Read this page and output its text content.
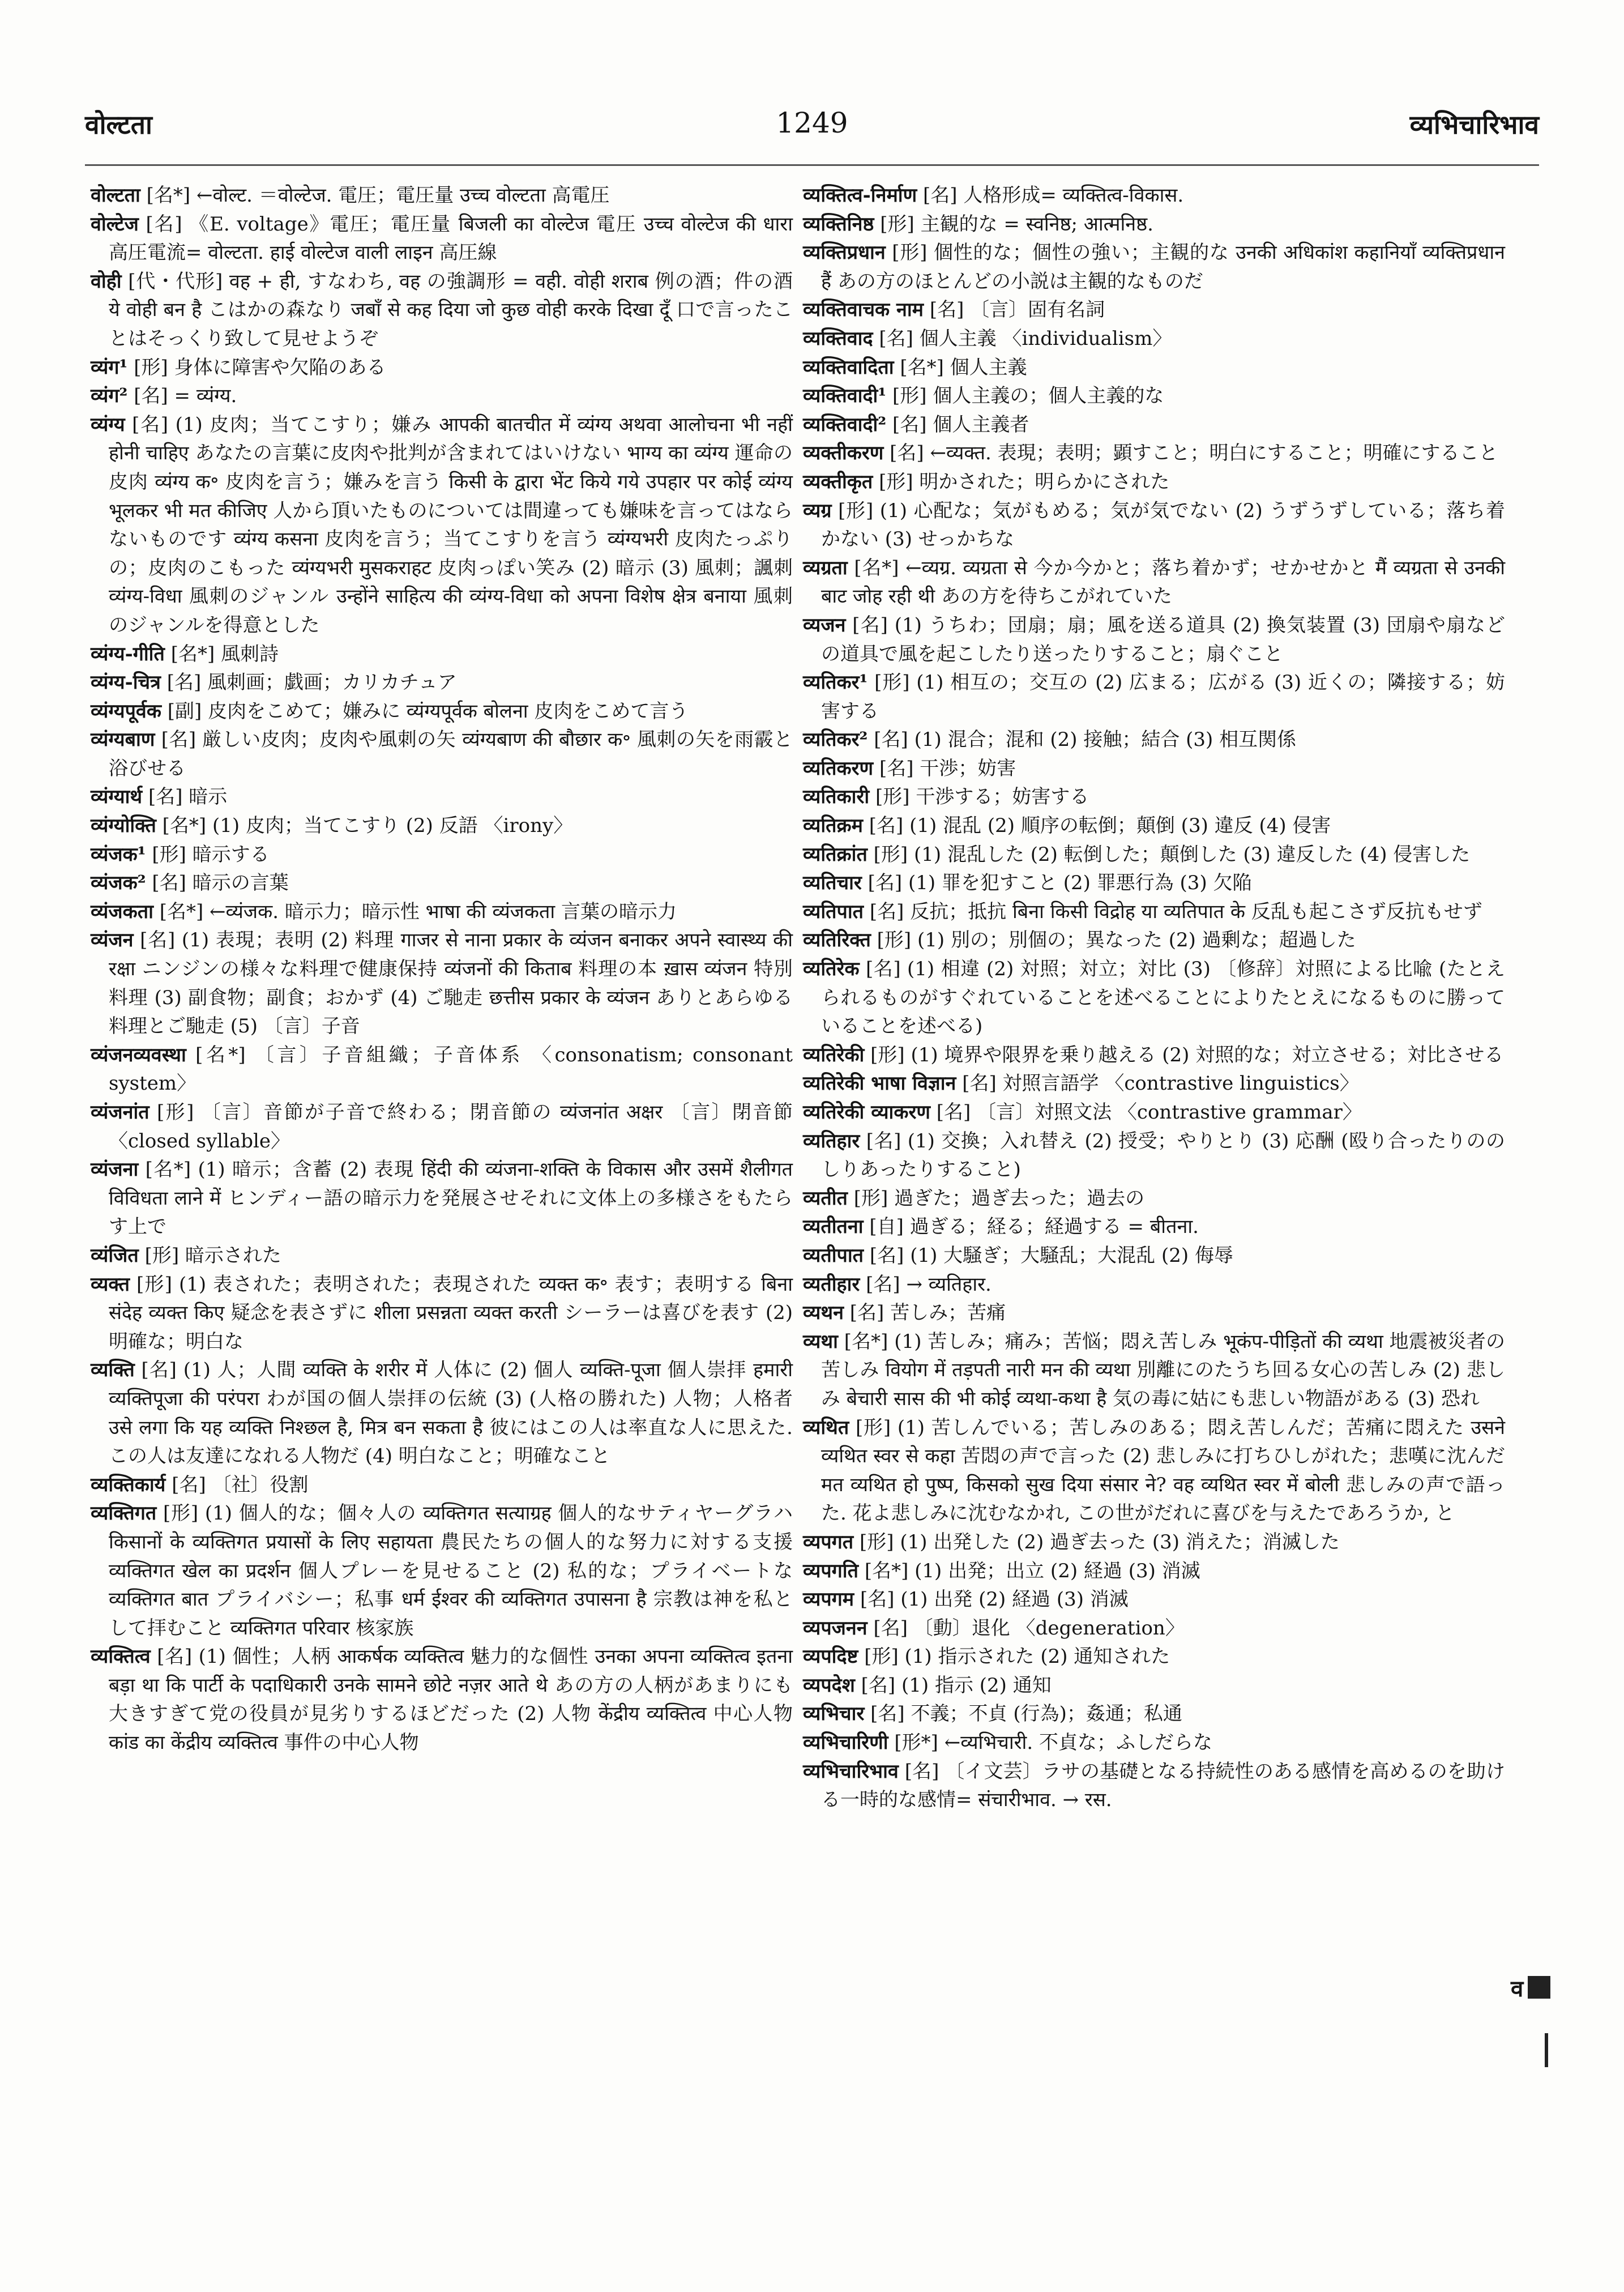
वोल्टता	1249	व्यभिचारिभाव

वोल्टता [名*] ←वोल्ट. ＝वोल्टेज. 電圧；電圧量 उच्च वोल्टता 高電圧

वोल्टेज [名] 《E. voltage》電圧；電圧量 बिजली का वोल्टेज 電圧 उच्च वोल्टेज की धारा 高圧電流= वोल्टता. हाई वोल्टेज वाली लाइन 高圧線

वोही [代・代形] वह + ही, すなわち, वह の強調形 = वही. वोही शराब 例の酒；件の酒 ये वोही बन है こはかの森なり जबाँ से कह दिया जो कुछ वोही करके दिखा दूँ 口で言ったことはそっくり致して見せようぞ

व्यंग¹ [形] 身体に障害や欠陥のある

व्यंग² [名] = व्यंग्य.

व्यंग्य [名] (1) 皮肉；当てこすり；嫌み आपकी बातचीत में व्यंग्य अथवा आलोचना भी नहीं होनी चाहिए あなたの言葉に皮肉や批判が含まれてはいけない भाग्य का व्यंग्य 運命の皮肉 व्यंग्य क॰ 皮肉を言う；嫌みを言う किसी के द्वारा भेंट किये गये उपहार पर कोई व्यंग्य भूलकर भी मत कीजिए 人から頂いたものについては間違っても嫌味を言ってはならないものです व्यंग्य कसना 皮肉を言う；当てこすりを言う व्यंग्यभरी 皮肉たっぷりの；皮肉のこもった व्यंग्यभरी मुसकराहट 皮肉っぽい笑み (2) 暗示 (3) 風刺；諷刺 व्यंग्य-विधा 風刺のジャンル उन्होंने साहित्य की व्यंग्य-विधा को अपना विशेष क्षेत्र बनाया 風刺のジャンルを得意とした

व्यंग्य-गीति [名*] 風刺詩

व्यंग्य-चित्र [名] 風刺画；戯画；カリカチュア

व्यंग्यपूर्वक [副] 皮肉をこめて；嫌みに व्यंग्यपूर्वक बोलना 皮肉をこめて言う

व्यंग्यबाण [名] 厳しい皮肉；皮肉や風刺の矢 व्यंग्यबाण की बौछार क॰ 風刺の矢を雨霰と浴びせる

व्यंग्यार्थ [名] 暗示

व्यंग्योक्ति [名*] (1) 皮肉；当てこすり (2) 反語 〈irony〉

व्यंजक¹ [形] 暗示する

व्यंजक² [名] 暗示の言葉

व्यंजकता [名*] ←व्यंजक. 暗示力；暗示性 भाषा की व्यंजकता 言葉の暗示力

व्यंजन [名] (1) 表現；表明 (2) 料理 गाजर से नाना प्रकार के व्यंजन बनाकर अपने स्वास्थ्य की रक्षा ニンジンの様々な料理で健康保持 व्यंजनों की किताब 料理の本 ख़ास व्यंजन 特別料理 (3) 副食物；副食；おかず (4) ご馳走 छत्तीस प्रकार के व्यंजन ありとあらゆる料理とご馳走 (5) 〔言〕子音

व्यंजनव्यवस्था [名*] 〔言〕子音組織；子音体系 〈consonatism; consonant system〉

व्यंजनांत [形] 〔言〕音節が子音で終わる；閉音節の व्यंजनांत अक्षर 〔言〕閉音節 〈closed syllable〉

व्यंजना [名*] (1) 暗示；含蓄 (2) 表現 हिंदी की व्यंजना-शक्ति के विकास और उसमें शैलीगत विविधता लाने में ヒンディー語の暗示力を発展させそれに文体上の多様さをもたらす上で

व्यंजित [形] 暗示された

व्यक्त [形] (1) 表された；表明された；表現された व्यक्त क॰ 表す；表明する बिना संदेह व्यक्त किए 疑念を表さずに शीला प्रसन्नता व्यक्त करती シーラーは喜びを表す (2) 明確な；明白な

व्यक्ति [名] (1) 人；人間 व्यक्ति के शरीर में 人体に (2) 個人 व्यक्ति-पूजा 個人崇拝 हमारी व्यक्तिपूजा की परंपरा わが国の個人崇拝の伝統 (3) (人格の勝れた) 人物；人格者 उसे लगा कि यह व्यक्ति निश्छल है, मित्र बन सकता है 彼にはこの人は率直な人に思えた. この人は友達になれる人物だ (4) 明白なこと；明確なこと

व्यक्तिकार्य [名] 〔社〕役割

व्यक्तिगत [形] (1) 個人的な；個々人の व्यक्तिगत सत्याग्रह 個人的なサティヤーグラハ किसानों के व्यक्तिगत प्रयासों के लिए सहायता 農民たちの個人的な努力に対する支援 व्यक्तिगत खेल का प्रदर्शन 個人プレーを見せること (2) 私的な；プライベートな व्यक्तिगत बात プライバシー；私事 धर्म ईश्वर की व्यक्तिगत उपासना है 宗教は神を私として拝むこと व्यक्तिगत परिवार 核家族

व्यक्तित्व [名] (1) 個性；人柄 आकर्षक व्यक्तित्व 魅力的な個性 उनका अपना व्यक्तित्व इतना बड़ा था कि पार्टी के पदाधिकारी उनके सामने छोटे नज़र आते थे あの方の人柄があまりにも大きすぎて党の役員が見劣りするほどだった (2) 人物 केंद्रीय व्यक्तित्व 中心人物 कांड का केंद्रीय व्यक्तित्व 事件の中心人物

व्यक्तित्व-निर्माण [名] 人格形成= व्यक्तित्व-विकास.

व्यक्तिनिष्ठ [形] 主観的な = स्वनिष्ठ; आत्मनिष्ठ.

व्यक्तिप्रधान [形] 個性的な；個性の強い；主観的な उनकी अधिकांश कहानियाँ व्यक्तिप्रधान हैं あの方のほとんどの小説は主観的なものだ

व्यक्तिवाचक नाम [名] 〔言〕固有名詞

व्यक्तिवाद [名] 個人主義 〈individualism〉

व्यक्तिवादिता [名*] 個人主義

व्यक्तिवादी¹ [形] 個人主義の；個人主義的な

व्यक्तिवादी² [名] 個人主義者

व्यक्तीकरण [名] ←व्यक्त. 表現；表明；顕すこと；明白にすること；明確にすること

व्यक्तीकृत [形] 明かされた；明らかにされた

व्यग्र [形] (1) 心配な；気がもめる；気が気でない (2) うずうずしている；落ち着かない (3) せっかちな

व्यग्रता [名*] ←व्यग्र. व्यग्रता से 今か今かと；落ち着かず；せかせかと मैं व्यग्रता से उनकी बाट जोह रही थी あの方を待ちこがれていた

व्यजन [名] (1) うちわ；団扇；扇；風を送る道具 (2) 換気装置 (3) 団扇や扇などの道具で風を起こしたり送ったりすること；扇ぐこと

व्यतिकर¹ [形] (1) 相互の；交互の (2) 広まる；広がる (3) 近くの；隣接する；妨害する

व्यतिकर² [名] (1) 混合；混和 (2) 接触；結合 (3) 相互関係

व्यतिकरण [名] 干渉；妨害

व्यतिकारी [形] 干渉する；妨害する

व्यतिक्रम [名] (1) 混乱 (2) 順序の転倒；顛倒 (3) 違反 (4) 侵害

व्यतिक्रांत [形] (1) 混乱した (2) 転倒した；顛倒した (3) 違反した (4) 侵害した

व्यतिचार [名] (1) 罪を犯すこと (2) 罪悪行為 (3) 欠陥

व्यतिपात [名] 反抗；抵抗 बिना किसी विद्रोह या व्यतिपात के 反乱も起こさず反抗もせず

व्यतिरिक्त [形] (1) 別の；別個の；異なった (2) 過剰な；超過した

व्यतिरेक [名] (1) 相違 (2) 対照；対立；対比 (3) 〔修辞〕対照による比喩 (たとえられるものがすぐれていることを述べることによりたとえになるものに勝っていることを述べる)

व्यतिरेकी [形] (1) 境界や限界を乗り越える (2) 対照的な；対立させる；対比させる

व्यतिरेकी भाषा विज्ञान [名] 対照言語学 〈contrastive linguistics〉

व्यतिरेकी व्याकरण [名] 〔言〕対照文法 〈contrastive grammar〉

व्यतिहार [名] (1) 交換；入れ替え (2) 授受；やりとり (3) 応酬 (殴り合ったりののしりあったりすること)

व्यतीत [形] 過ぎた；過ぎ去った；過去の

व्यतीतना [自] 過ぎる；経る；経過する = बीतना.

व्यतीपात [名] (1) 大騒ぎ；大騒乱；大混乱 (2) 侮辱

व्यतीहार [名] → व्यतिहार.

व्यथन [名] 苦しみ；苦痛

व्यथा [名*] (1) 苦しみ；痛み；苦悩；悶え苦しみ भूकंप-पीड़ितों की व्यथा 地震被災者の苦しみ वियोग में तड़पती नारी मन की व्यथा 別離にのたうち回る女心の苦しみ (2) 悲しみ बेचारी सास की भी कोई व्यथा-कथा है 気の毒に姑にも悲しい物語がある (3) 恐れ

व्यथित [形] (1) 苦しんでいる；苦しみのある；悶え苦しんだ；苦痛に悶えた उसने व्यथित स्वर से कहा 苦悶の声で言った (2) 悲しみに打ちひしがれた；悲嘆に沈んだ मत व्यथित हो पुष्प, किसको सुख दिया संसार ने? वह व्यथित स्वर में बोली 悲しみの声で語った. 花よ悲しみに沈むなかれ, この世がだれに喜びを与えたであろうか, と

व्यपगत [形] (1) 出発した (2) 過ぎ去った (3) 消えた；消滅した

व्यपगति [名*] (1) 出発；出立 (2) 経過 (3) 消滅

व्यपगम [名] (1) 出発 (2) 経過 (3) 消滅

व्यपजनन [名] 〔動〕退化 〈degeneration〉

व्यपदिष्ट [形] (1) 指示された (2) 通知された

व्यपदेश [名] (1) 指示 (2) 通知

व्यभिचार [名] 不義；不貞 (行為)；姦通；私通

व्यभिचारिणी [形*] ←व्यभिचारी. 不貞な；ふしだらな

व्यभिचारिभाव [名] 〔イ文芸〕ラサの基礎となる持続性のある感情を高めるのを助ける一時的な感情= संचारीभाव. → रस.

व
